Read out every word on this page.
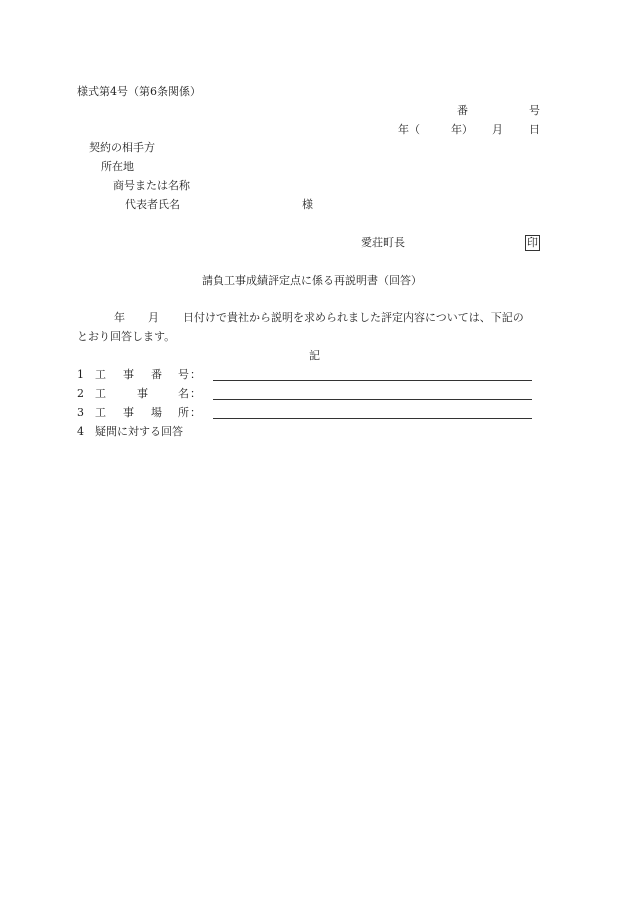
様式第4号（第6条関係）
番	号
年（	年） 月 日
契約の相手方
所在地
商号または名称
代表者氏名	様
愛荘町長	印
請負工事成績評定点に係る再説明書（回答）
年 月 日付けで貴社から説明を求められました評定内容については、下記の
とおり回答します。
記
1 工 事 番 号 ：
2 工	事	名 ：
3 工 事 場 所 ：
4 疑問に対する回答
